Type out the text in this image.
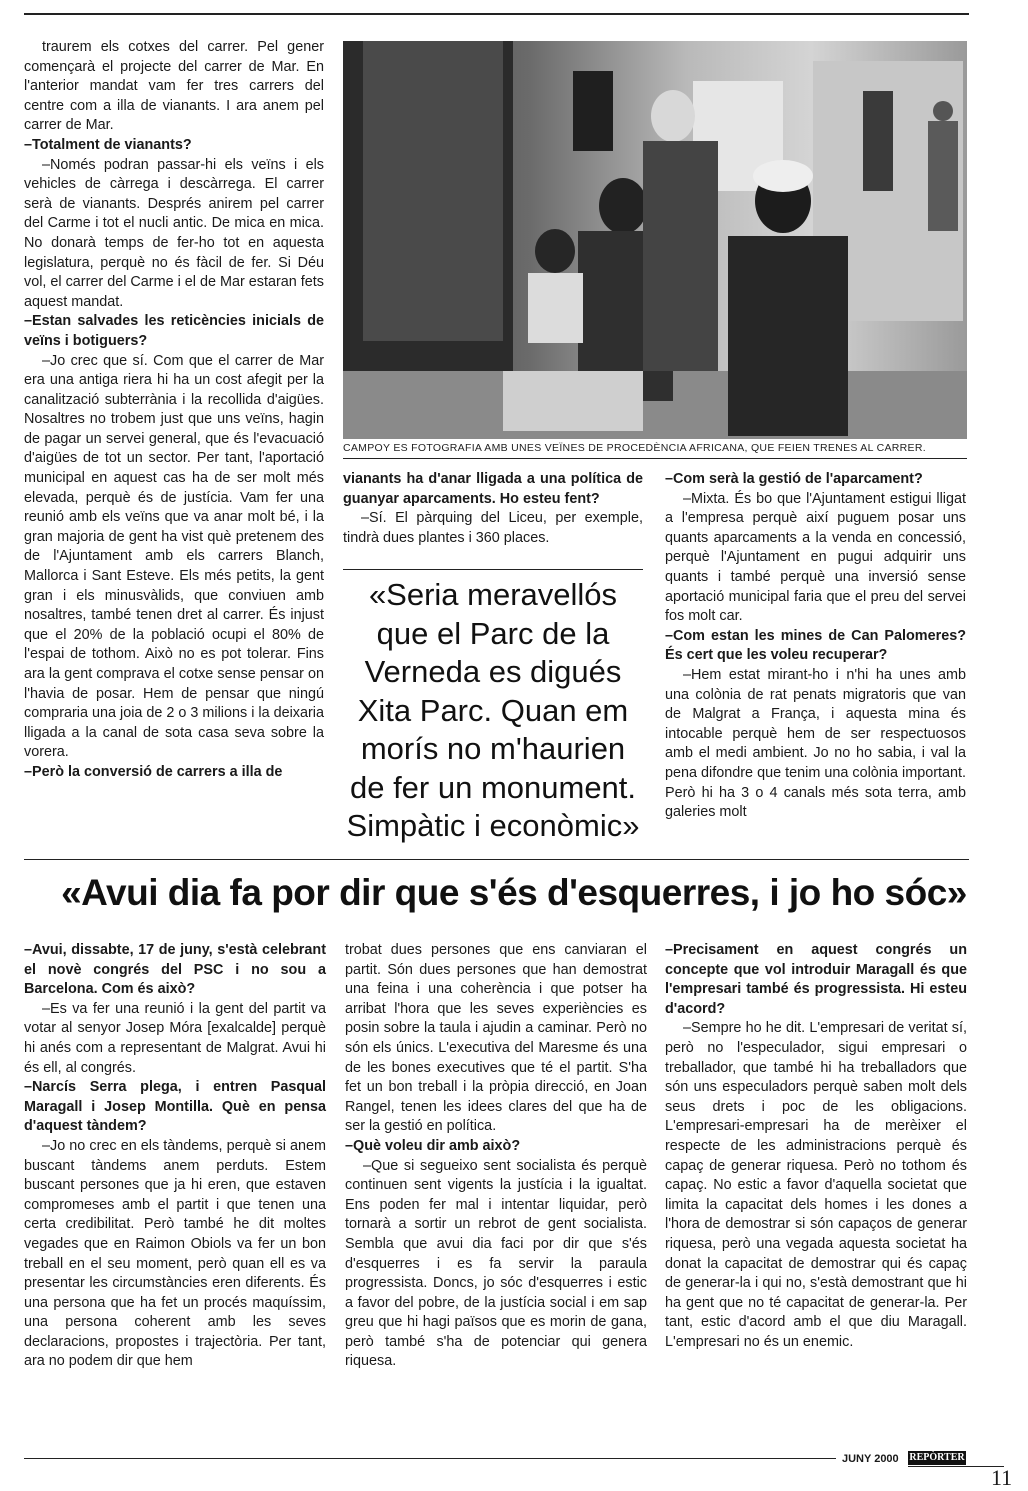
traurem els cotxes del carrer. Pel gener començarà el projecte del carrer de Mar. En l'anterior mandat vam fer tres carrers del centre com a illa de vianants. I ara anem pel carrer de Mar.

–Totalment de vianants?

–Només podran passar-hi els veïns i els vehicles de càrrega i descàrrega. El carrer serà de vianants. Després anirem pel carrer del Carme i tot el nucli antic. De mica en mica. No donarà temps de fer-ho tot en aquesta legislatura, perquè no és fàcil de fer. Si Déu vol, el carrer del Carme i el de Mar estaran fets aquest mandat.

–Estan salvades les reticències inicials de veïns i botiguers?

–Jo crec que sí. Com que el carrer de Mar era una antiga riera hi ha un cost afegit per la canalització subterrània i la recollida d'aigües. Nosaltres no trobem just que uns veïns, hagin de pagar un servei general, que és l'evacuació d'aigües de tot un sector. Per tant, l'aportació municipal en aquest cas ha de ser molt més elevada, perquè és de justícia. Vam fer una reunió amb els veïns que va anar molt bé, i la gran majoria de gent ha vist què pretenem des de l'Ajuntament amb els carrers Blanch, Mallorca i Sant Esteve. Els més petits, la gent gran i els minusvàlids, que conviuen amb nosaltres, també tenen dret al carrer. És injust que el 20% de la població ocupi el 80% de l'espai de tothom. Això no es pot tolerar. Fins ara la gent comprava el cotxe sense pensar on l'havia de posar. Hem de pensar que ningú compraria una joia de 2 o 3 milions i la deixaria lligada a la canal de sota casa seva sobre la vorera.

–Però la conversió de carrers a illa de

CAMPOY ES FOTOGRAFIA AMB UNES VEÏNES DE PROCEDÈNCIA AFRICANA, QUE FEIEN TRENES AL CARRER.

vianants ha d'anar lligada a una política de guanyar aparcaments. Ho esteu fent?

–Sí. El pàrquing del Liceu, per exemple, tindrà dues plantes i 360 places.

«Seria meravellós que el Parc de la Verneda es digués Xita Parc. Quan em morís no m'haurien de fer un monument. Simpàtic i econòmic»

–Com serà la gestió de l'aparcament?

–Mixta. És bo que l'Ajuntament estigui lligat a l'empresa perquè així puguem posar uns quants aparcaments a la venda en concessió, perquè l'Ajuntament en pugui adquirir uns quants i també perquè una inversió sense aportació municipal faria que el preu del servei fos molt car.

–Com estan les mines de Can Palomeres? És cert que les voleu recuperar?

–Hem estat mirant-ho i n'hi ha unes amb una colònia de rat penats migratoris que van de Malgrat a França, i aquesta mina és intocable perquè hem de ser respectuosos amb el medi ambient. Jo no ho sabia, i val la pena difondre que tenim una colònia important. Però hi ha 3 o 4 canals més sota terra, amb galeries molt

«Avui dia fa por dir que s'és d'esquerres, i jo ho sóc»

–Avui, dissabte, 17 de juny, s'està celebrant el novè congrés del PSC i no sou a Barcelona. Com és això?

–Es va fer una reunió i la gent del partit va votar al senyor Josep Móra [exalcalde] perquè hi anés com a representant de Malgrat. Avui hi és ell, al congrés.

–Narcís Serra plega, i entren Pasqual Maragall i Josep Montilla. Què en pensa d'aquest tàndem?

–Jo no crec en els tàndems, perquè si anem buscant tàndems anem perduts. Estem buscant persones que ja hi eren, que estaven compromeses amb el partit i que tenen una certa credibilitat. Però també he dit moltes vegades que en Raimon Obiols va fer un bon treball en el seu moment, però quan ell es va presentar les circumstàncies eren diferents. És una persona que ha fet un procés maquíssim, una persona coherent amb les seves declaracions, propostes i trajectòria. Per tant, ara no podem dir que hem

trobat dues persones que ens canviaran el partit. Són dues persones que han demostrat una feina i una coherència i que potser ha arribat l'hora que les seves experiències es posin sobre la taula i ajudin a caminar. Però no són els únics. L'executiva del Maresme és una de les bones executives que té el partit. S'ha fet un bon treball i la pròpia direcció, en Joan Rangel, tenen les idees clares del que ha de ser la gestió en política.

–Què voleu dir amb això?

–Que si segueixo sent socialista és perquè continuen sent vigents la justícia i la igualtat. Ens poden fer mal i intentar liquidar, però tornarà a sortir un rebrot de gent socialista. Sembla que avui dia faci por dir que s'és d'esquerres i es fa servir la paraula progressista. Doncs, jo sóc d'esquerres i estic a favor del pobre, de la justícia social i em sap greu que hi hagi països que es morin de gana, però també s'ha de potenciar qui genera riquesa.

–Precisament en aquest congrés un concepte que vol introduir Maragall és que l'empresari també és progressista. Hi esteu d'acord?

–Sempre ho he dit. L'empresari de veritat sí, però no l'especulador, sigui empresari o treballador, que també hi ha treballadors que són uns especuladors perquè saben molt dels seus drets i poc de les obligacions. L'empresari-empresari ha de merèixer el respecte de les administracions perquè és capaç de generar riquesa. Però no tothom és capaç. No estic a favor d'aquella societat que limita la capacitat dels homes i les dones a l'hora de demostrar si són capaços de generar riquesa, però una vegada aquesta societat ha donat la capacitat de demostrar qui és capaç de generar-la i qui no, s'està demostrant que hi ha gent que no té capacitat de generar-la. Per tant, estic d'acord amb el que diu Maragall. L'empresari no és un enemic.

JUNY 2000 REPÒRTER
11
